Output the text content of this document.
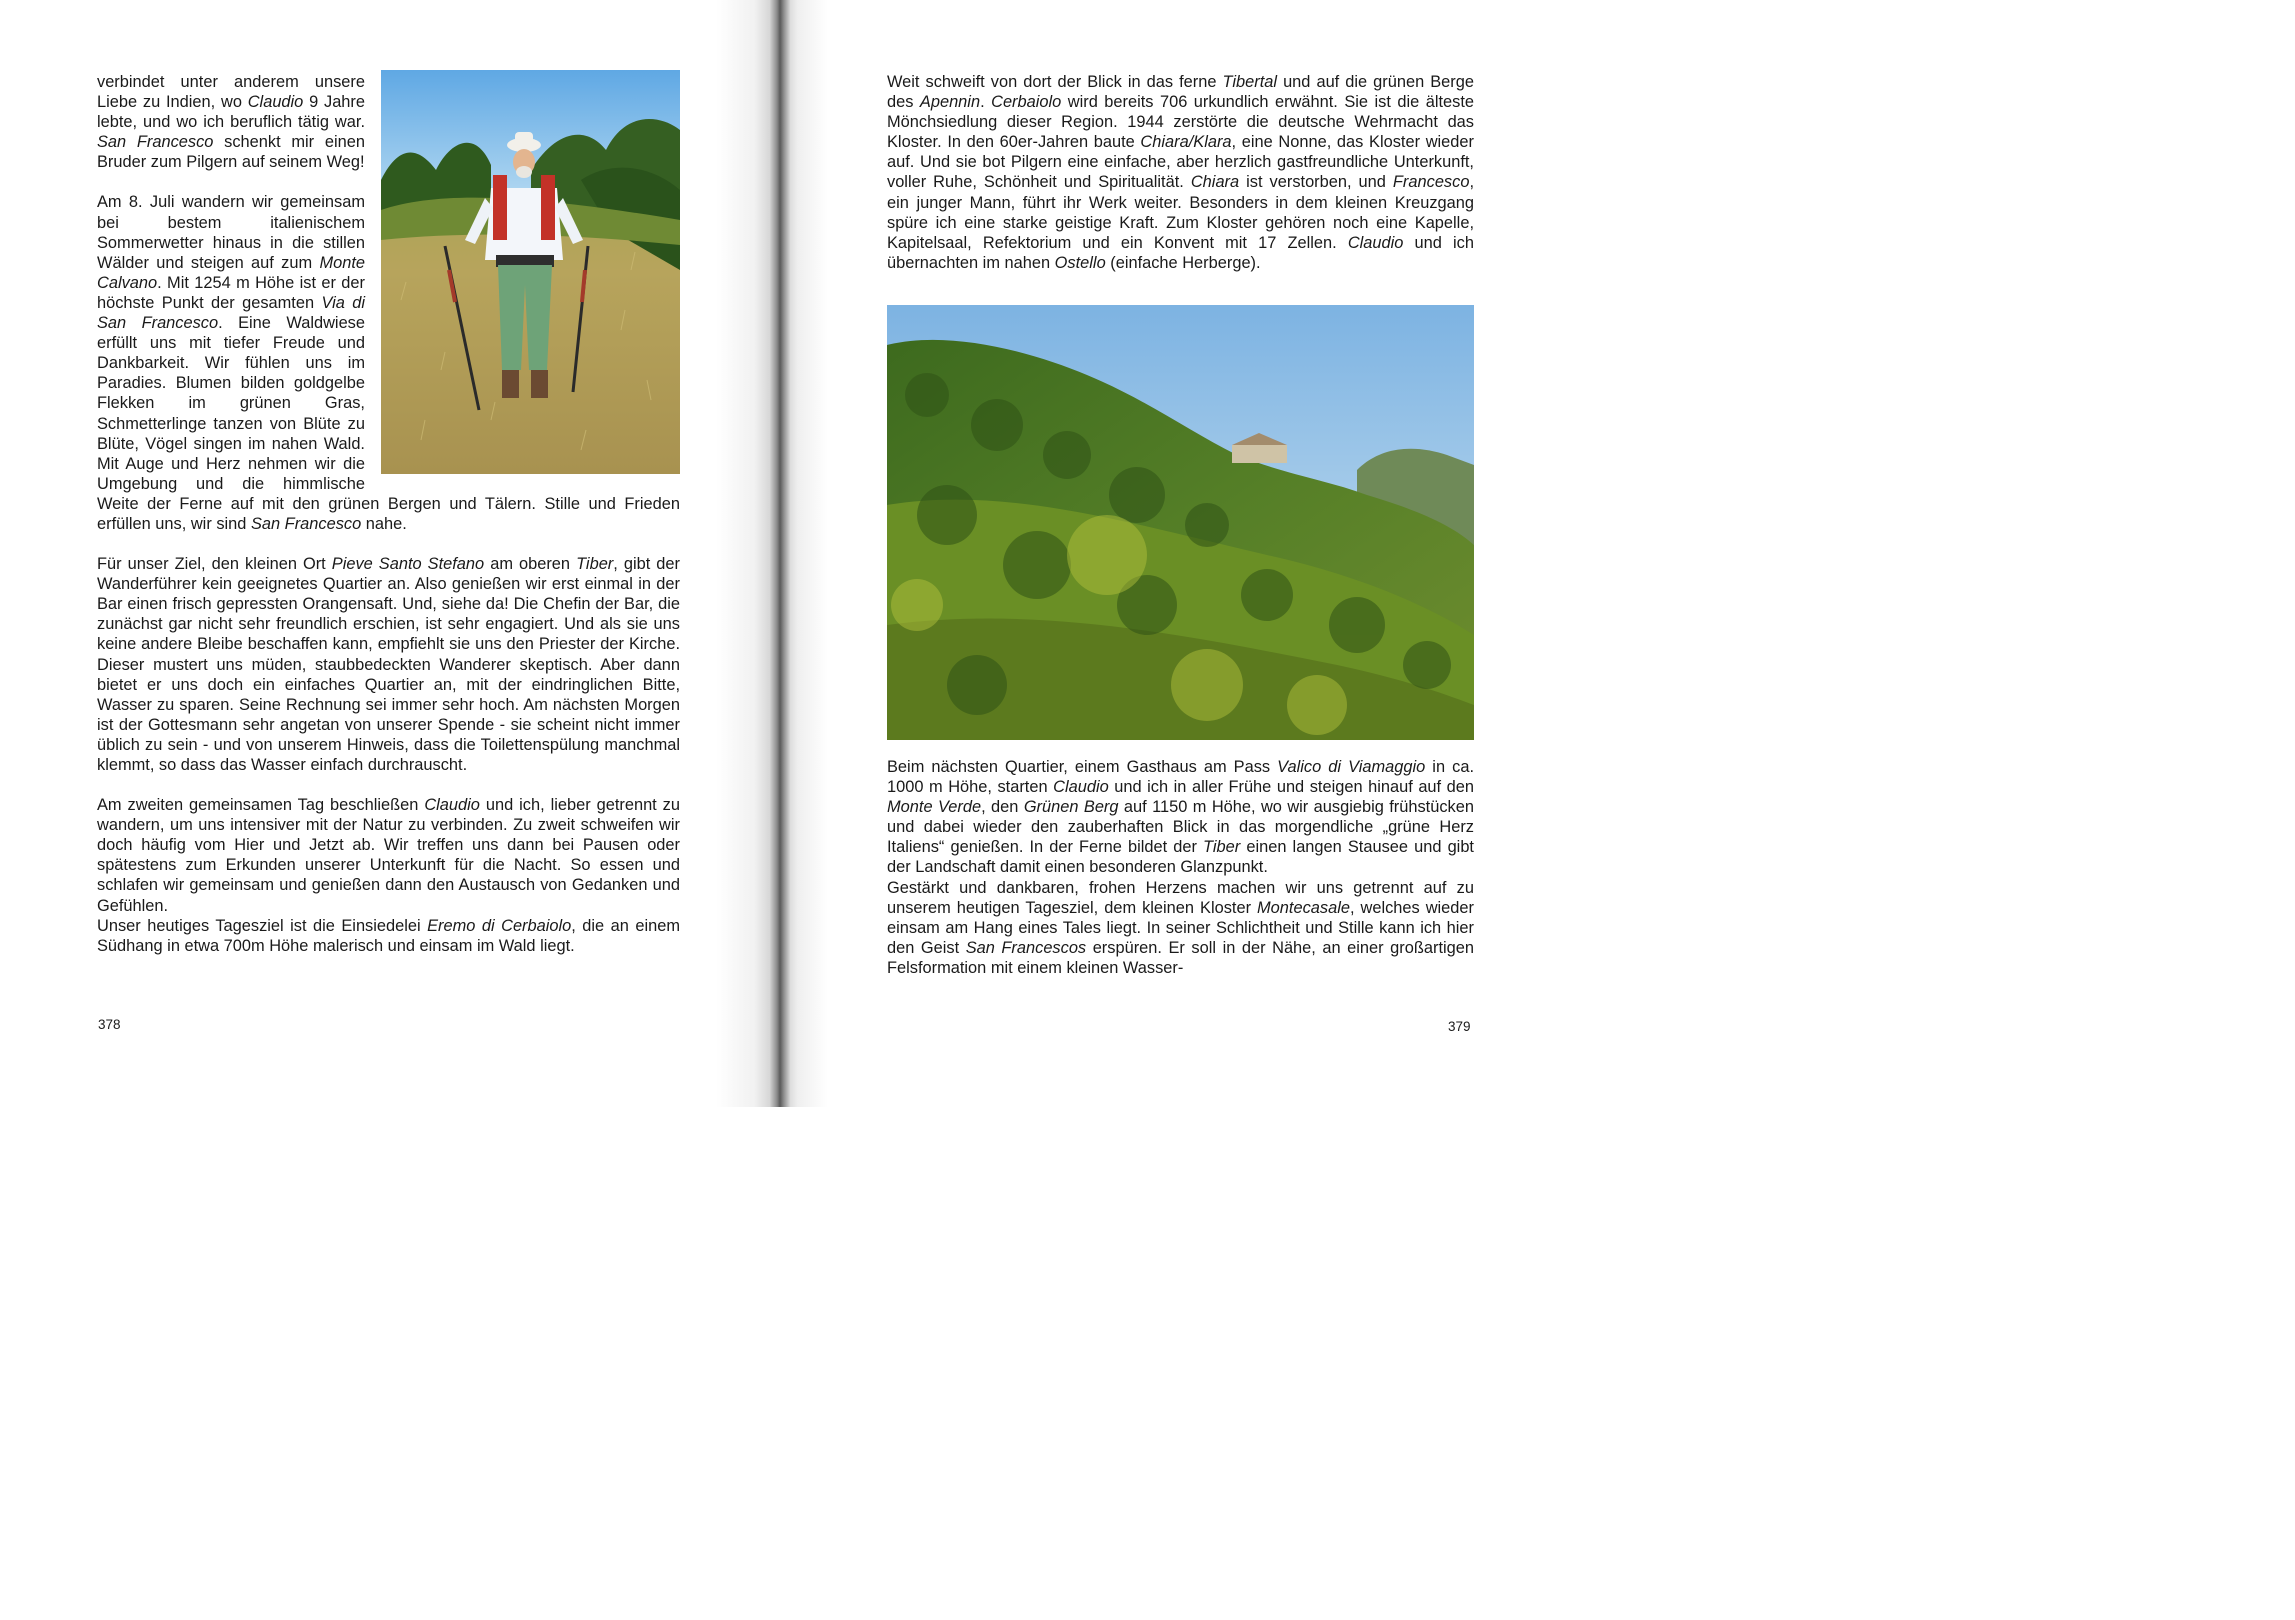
verbindet unter anderem unsere Liebe zu Indien, wo Claudio 9 Jahre lebte, und wo ich beruflich tätig war. San Francesco schenkt mir einen Bruder zum Pilgern auf seinem Weg!

Am 8. Juli wandern wir gemeinsam bei bestem italienischem Sommerwetter hinaus in die stillen Wälder und steigen auf zum Monte Calvano. Mit 1254 m Höhe ist er der höchste Punkt der gesamten Via di San Francesco. Eine Waldwiese erfüllt uns mit tiefer Freude und Dankbarkeit. Wir fühlen uns im Paradies. Blumen bilden goldgelbe Flekken im grünen Gras, Schmetterlinge tanzen von Blüte zu Blüte, Vögel singen im nahen Wald. Mit Auge und Herz nehmen wir die Umgebung und die himmlische Weite der Ferne auf mit den grünen Bergen und Tälern. Stille und Frieden erfüllen uns, wir sind San Francesco nahe.

Für unser Ziel, den kleinen Ort Pieve Santo Stefano am oberen Tiber, gibt der Wanderführer kein geeignetes Quartier an. Also genießen wir erst einmal in der Bar einen frisch gepressten Orangensaft. Und, siehe da! Die Chefin der Bar, die zunächst gar nicht sehr freundlich erschien, ist sehr engagiert. Und als sie uns keine andere Bleibe beschaffen kann, empfiehlt sie uns den Priester der Kirche. Dieser mustert uns müden, staubbedeckten Wanderer skeptisch. Aber dann bietet er uns doch ein einfaches Quartier an, mit der eindringlichen Bitte, Wasser zu sparen. Seine Rechnung sei immer sehr hoch. Am nächsten Morgen ist der Gottesmann sehr angetan von unserer Spende - sie scheint nicht immer üblich zu sein - und von unserem Hinweis, dass die Toilettenspülung manchmal klemmt, so dass das Wasser einfach durchrauscht.

Am zweiten gemeinsamen Tag beschließen Claudio und ich, lieber getrennt zu wandern, um uns intensiver mit der Natur zu verbinden. Zu zweit schweifen wir doch häufig vom Hier und Jetzt ab. Wir treffen uns dann bei Pausen oder spätestens zum Erkunden unserer Unterkunft für die Nacht. So essen und schlafen wir gemeinsam und genießen dann den Austausch von Gedanken und Gefühlen.

Unser heutiges Tagesziel ist die Einsiedelei Eremo di Cerbaiolo, die an einem Südhang in etwa 700m Höhe malerisch und einsam im Wald liegt.

378

Weit schweift von dort der Blick in das ferne Tibertal und auf die grünen Berge des Apennin. Cerbaiolo wird bereits 706 urkundlich erwähnt. Sie ist die älteste Mönchsiedlung dieser Region. 1944 zerstörte die deutsche Wehrmacht das Kloster. In den 60er-Jahren baute Chiara/Klara, eine Nonne, das Kloster wieder auf. Und sie bot Pilgern eine einfache, aber herzlich gastfreundliche Unterkunft, voller Ruhe, Schönheit und Spiritualität. Chiara ist verstorben, und Francesco, ein junger Mann, führt ihr Werk weiter. Besonders in dem kleinen Kreuzgang spüre ich eine starke geistige Kraft. Zum Kloster gehören noch eine Kapelle, Kapitelsaal, Refektorium und ein Konvent mit 17 Zellen. Claudio und ich übernachten im nahen Ostello (einfache Herberge).

Beim nächsten Quartier, einem Gasthaus am Pass Valico di Viamaggio in ca. 1000 m Höhe, starten Claudio und ich in aller Frühe und steigen hinauf auf den Monte Verde, den Grünen Berg auf 1150 m Höhe, wo wir ausgiebig frühstücken und dabei wieder den zauberhaften Blick in das morgendliche „grüne Herz Italiens“ genießen. In der Ferne bildet der Tiber einen langen Stausee und gibt der Landschaft damit einen besonderen Glanzpunkt.

Gestärkt und dankbaren, frohen Herzens machen wir uns getrennt auf zu unserem heutigen Tagesziel, dem kleinen Kloster Montecasale, welches wieder einsam am Hang eines Tales liegt. In seiner Schlichtheit und Stille kann ich hier den Geist San Francescos erspüren. Er soll in der Nähe, an einer großartigen Felsformation mit einem kleinen Wasser-

379
